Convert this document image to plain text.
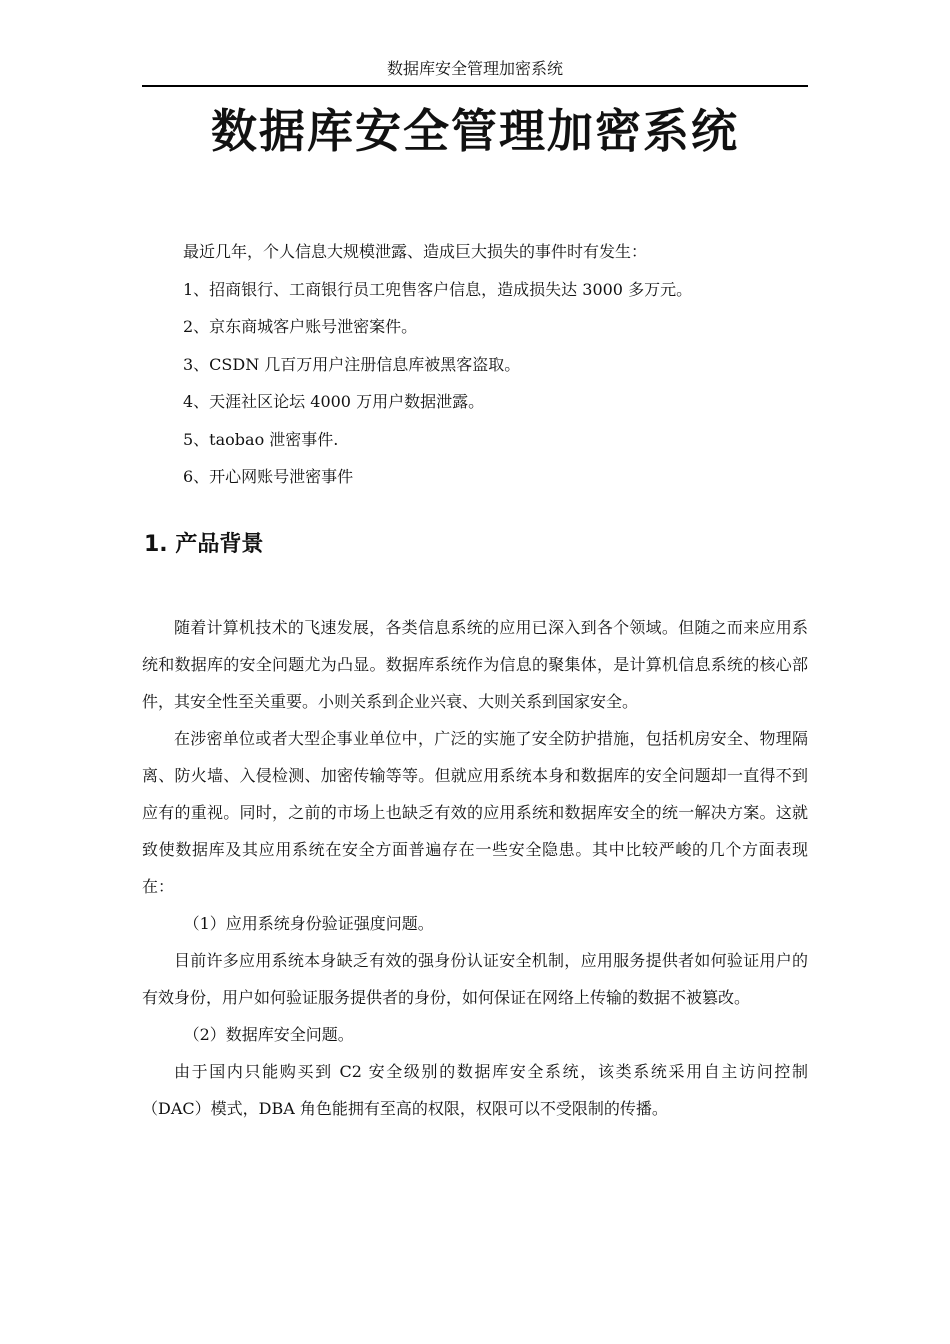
数据库安全管理加密系统
数据库安全管理加密系统
最近几年，个人信息大规模泄露、造成巨大损失的事件时有发生：
1、招商银行、工商银行员工兜售客户信息，造成损失达 3000 多万元。
2、京东商城客户账号泄密案件。
3、CSDN 几百万用户注册信息库被黑客盗取。
4、天涯社区论坛 4000 万用户数据泄露。
5、taobao 泄密事件.
6、开心网账号泄密事件
1. 产品背景

随着计算机技术的飞速发展，各类信息系统的应用已深入到各个领域。但随之而来应用系统和数据库的安全问题尤为凸显。数据库系统作为信息的聚集体，是计算机信息系统的核心部件，其安全性至关重要。小则关系到企业兴衰、大则关系到国家安全。

在涉密单位或者大型企事业单位中，广泛的实施了安全防护措施，包括机房安全、物理隔离、防火墙、入侵检测、加密传输等等。但就应用系统本身和数据库的安全问题却一直得不到应有的重视。同时，之前的市场上也缺乏有效的应用系统和数据库安全的统一解决方案。这就致使数据库及其应用系统在安全方面普遍存在一些安全隐患。其中比较严峻的几个方面表现在：

（1）应用系统身份验证强度问题。

目前许多应用系统本身缺乏有效的强身份认证安全机制，应用服务提供者如何验证用户的有效身份，用户如何验证服务提供者的身份，如何保证在网络上传输的数据不被篡改。

（2）数据库安全问题。

由于国内只能购买到 C2 安全级别的数据库安全系统，该类系统采用自主访问控制（DAC）模式，DBA 角色能拥有至高的权限，权限可以不受限制的传播。
